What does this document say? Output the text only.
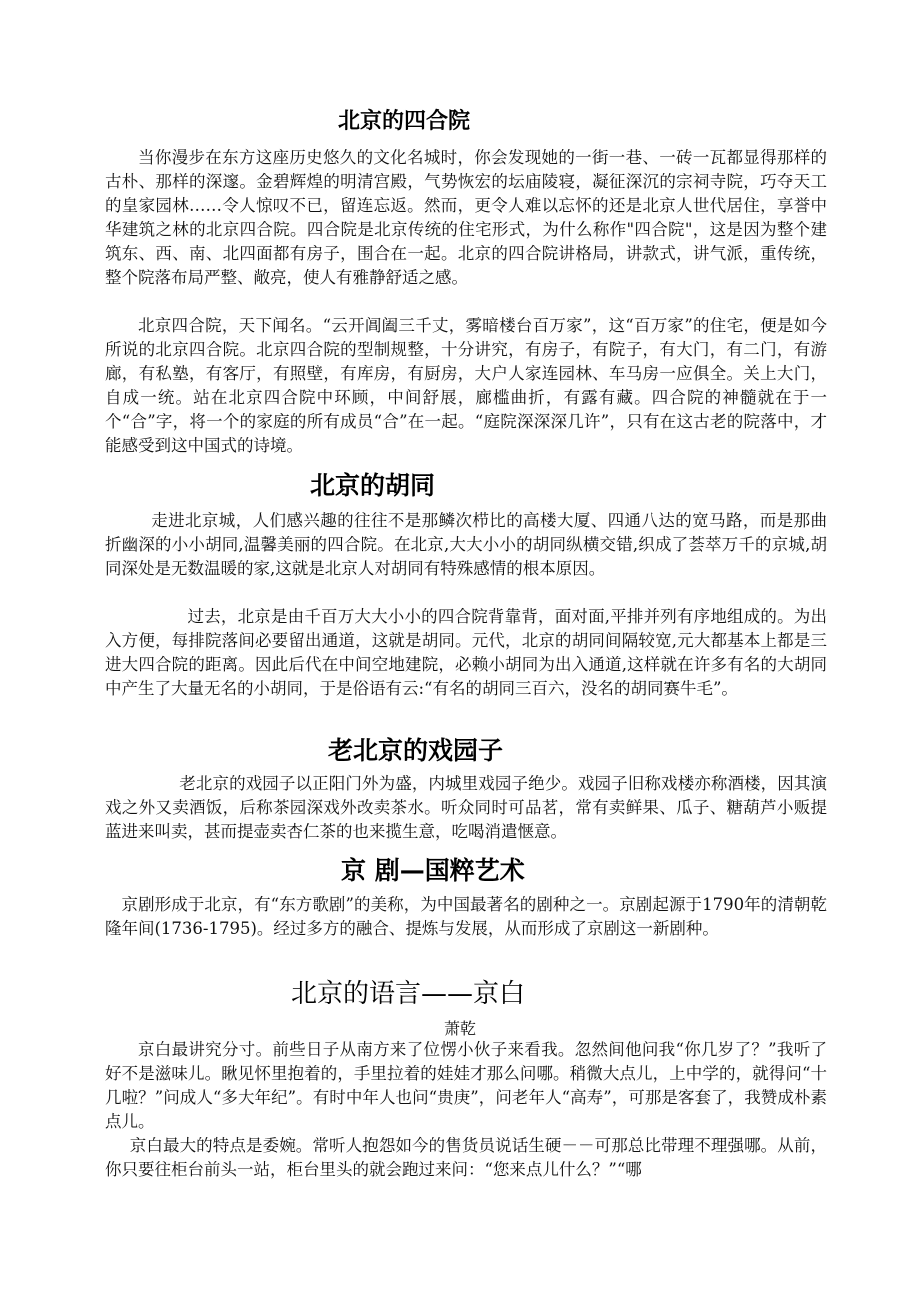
北京的四合院

当你漫步在东方这座历史悠久的文化名城时，你会发现她的一街一巷、一砖一瓦都显得那样的古朴、那样的深邃。金碧辉煌的明清宫殿，气势恢宏的坛庙陵寝，凝征深沉的宗祠寺院，巧夺天工的皇家园林……令人惊叹不已，留连忘返。然而，更令人难以忘怀的还是北京人世代居住，享誉中华建筑之林的北京四合院。四合院是北京传统的住宅形式，为什么称作"四合院"，这是因为整个建筑东、西、南、北四面都有房子，围合在一起。北京的四合院讲格局，讲款式，讲气派，重传统，整个院落布局严整、敞亮，使人有雅静舒适之感。

北京四合院，天下闻名。“云开阊阖三千丈，雾暗楼台百万家”，这“百万家”的住宅，便是如今所说的北京四合院。北京四合院的型制规整，十分讲究，有房子，有院子，有大门，有二门，有游廊，有私塾，有客厅，有照壁，有库房，有厨房，大户人家连园林、车马房一应俱全。关上大门，自成一统。站在北京四合院中环顾，中间舒展，廊槛曲折，有露有藏。四合院的神髓就在于一个“合”字，将一个的家庭的所有成员“合”在一起。“庭院深深深几许”，只有在这古老的院落中，才能感受到这中国式的诗境。

北京的胡同

走进北京城，人们感兴趣的往往不是那鳞次栉比的高楼大厦、四通八达的宽马路，而是那曲折幽深的小小胡同,温馨美丽的四合院。在北京,大大小小的胡同纵横交错,织成了荟萃万千的京城,胡同深处是无数温暖的家,这就是北京人对胡同有特殊感情的根本原因。

过去，北京是由千百万大大小小的四合院背靠背，面对面,平排并列有序地组成的。为出入方便，每排院落间必要留出通道，这就是胡同。元代，北京的胡同间隔较宽,元大都基本上都是三进大四合院的距离。因此后代在中间空地建院，必赖小胡同为出入通道,这样就在许多有名的大胡同中产生了大量无名的小胡同，于是俗语有云:“有名的胡同三百六，没名的胡同赛牛毛”。

老北京的戏园子

老北京的戏园子以正阳门外为盛，内城里戏园子绝少。戏园子旧称戏楼亦称酒楼，因其演戏之外又卖酒饭，后称茶园深戏外改卖茶水。听众同时可品茗，常有卖鲜果、瓜子、糖葫芦小贩提蓝进来叫卖，甚而提壶卖杏仁茶的也来揽生意，吃喝消遣惬意。

京 剧—国粹艺术

京剧形成于北京，有“东方歌剧”的美称，为中国最著名的剧种之一。京剧起源于1790年的清朝乾隆年间(1736-1795)。经过多方的融合、提炼与发展，从而形成了京剧这一新剧种。

北京的语言——京白
萧乾

京白最讲究分寸。前些日子从南方来了位愣小伙子来看我。忽然间他问我“你几岁了？”我听了好不是滋味儿。瞅见怀里抱着的，手里拉着的娃娃才那么问哪。稍微大点儿，上中学的，就得问“十几啦？”问成人“多大年纪”。有时中年人也问“贵庚”，问老年人“高寿”，可那是客套了，我赞成朴素点儿。

京白最大的特点是委婉。常听人抱怨如今的售货员说话生硬－－可那总比带理不理强哪。从前，你只要往柜台前头一站，柜台里头的就会跑过来问：“您来点儿什么？”“哪
